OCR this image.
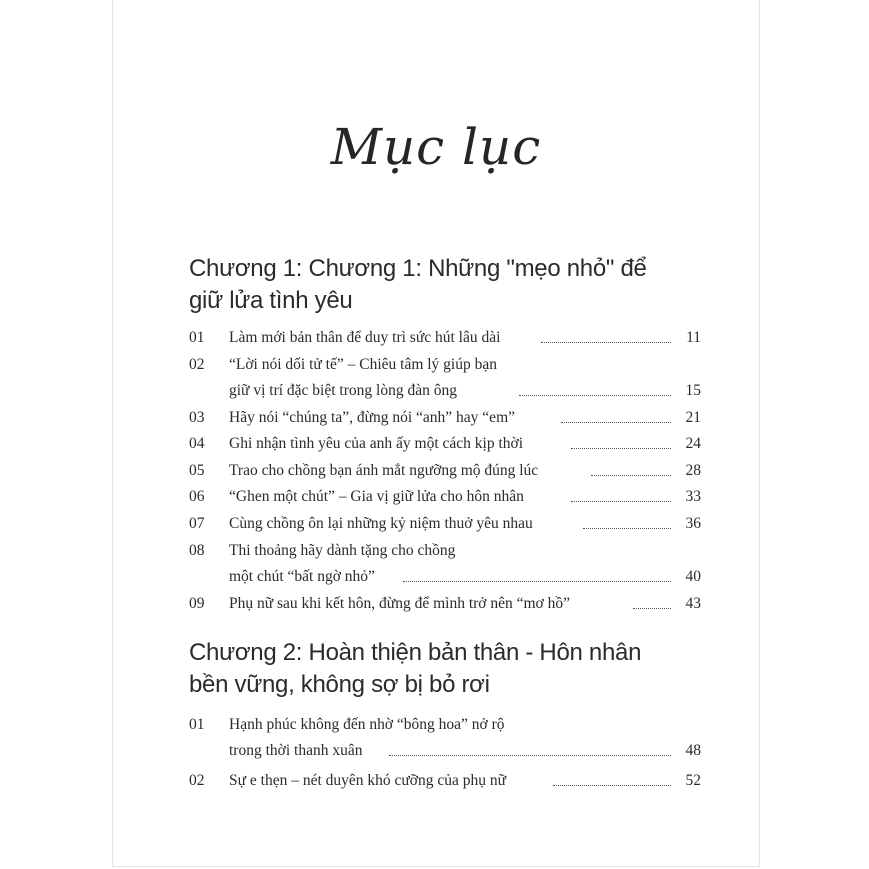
Mục lục
Chương 1: Chương 1: Những "mẹo nhỏ" để
giữ lửa tình yêu
01	Làm mới bản thân để duy trì sức hút lâu dài	11
02	“Lời nói dối tử tế” – Chiêu tâm lý giúp bạn
giữ vị trí đặc biệt trong lòng đàn ông	15
03	Hãy nói “chúng ta”, đừng nói “anh” hay “em”	21
04	Ghi nhận tình yêu của anh ấy một cách kịp thời	24
05	Trao cho chồng bạn ánh mắt ngưỡng mộ đúng lúc	28
06	“Ghen một chút” – Gia vị giữ lửa cho hôn nhân	33
07	Cùng chồng ôn lại những kỷ niệm thuở yêu nhau	36
08	Thi thoảng hãy dành tặng cho chồng
một chút “bất ngờ nhỏ”	40
09	Phụ nữ sau khi kết hôn, đừng để mình trở nên “mơ hồ”	43
Chương 2: Hoàn thiện bản thân - Hôn nhân
bền vững, không sợ bị bỏ rơi
01	Hạnh phúc không đến nhờ “bông hoa” nở rộ
trong thời thanh xuân	48
02	Sự e thẹn – nét duyên khó cưỡng của phụ nữ	52
